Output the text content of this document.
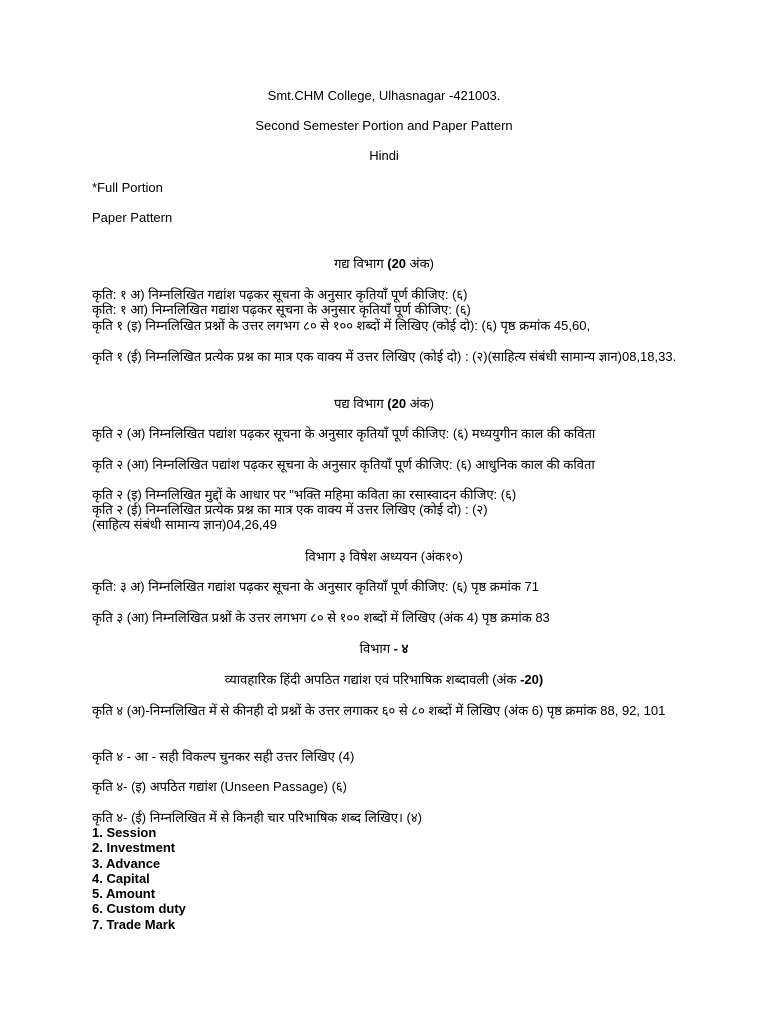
Smt.CHM College, Ulhasnagar -421003.
Second Semester Portion and Paper Pattern
Hindi
*Full Portion
Paper Pattern
गद्य विभाग (20 अंक)
कृति: १ अ) निम्नलिखित गद्यांश पढ़कर सूचना के अनुसार कृतियाँ पूर्ण कीजिए: (६)
कृति: १ आ) निम्नलिखित गद्यांश पढ़कर सूचना के अनुसार कृतियाँ पूर्ण कीजिए: (६)
कृति १ (इ) निम्नलिखित प्रश्नों के उत्तर लगभग ८० से १०० शब्दों में लिखिए (कोई दो): (६) पृष्ठ क्रमांक 45,60,
कृति १ (ई) निम्नलिखित प्रत्येक प्रश्न का मात्र एक वाक्य में उत्तर लिखिए (कोई दो) : (२)(साहित्य संबंधी सामान्य ज्ञान)08,18,33.
पद्य विभाग (20 अंक)
कृति २ (अ) निम्नलिखित पद्यांश पढ़कर सूचना के अनुसार कृतियाँ पूर्ण कीजिए: (६) मध्ययुगीन काल की कविता
कृति २ (आ) निम्नलिखित पद्यांश पढ़कर सूचना के अनुसार कृतियाँ पूर्ण कीजिए: (६) आधुनिक काल की कविता
कृति २ (इ) निम्नलिखित मुद्दों के आधार पर "भक्ति महिमा कविता का रसास्वादन कीजिए: (६)
कृति २ (ई) निम्नलिखित प्रत्येक प्रश्न का मात्र एक वाक्य में उत्तर लिखिए (कोई दो) : (२)
(साहित्य संबंधी सामान्य ज्ञान)04,26,49
विभाग ३ विषेश अध्ययन (अंक१०)
कृति: ३ अ) निम्नलिखित गद्यांश पढ़कर सूचना के अनुसार कृतियाँ पूर्ण कीजिए: (६) पृष्ठ क्रमांक 71
कृति ३ (आ) निम्नलिखित प्रश्नों के उत्तर लगभग ८० से १०० शब्दों में लिखिए (अंक 4) पृष्ठ क्रमांक 83
विभाग - ४
व्यावहारिक हिंदी अपठित गद्यांश एवं परिभाषिक शब्दावली (अंक -20)
कृति ४ (अ)-निम्नलिखित में से कीनही दो प्रश्नों के उत्तर लगाकर ६० से ८० शब्दों में लिखिए (अंक 6) पृष्ठ क्रमांक 88, 92, 101
कृति ४ - आ - सही विकल्प चुनकर सही उत्तर लिखिए (4)
कृति ४- (इ) अपठित गद्यांश (Unseen Passage) (६)
कृति ४- (ई) निम्नलिखित में से किनही चार परिभाषिक शब्द लिखिए। (४)
1. Session
2. Investment
3. Advance
4. Capital
5. Amount
6. Custom duty
7. Trade Mark
